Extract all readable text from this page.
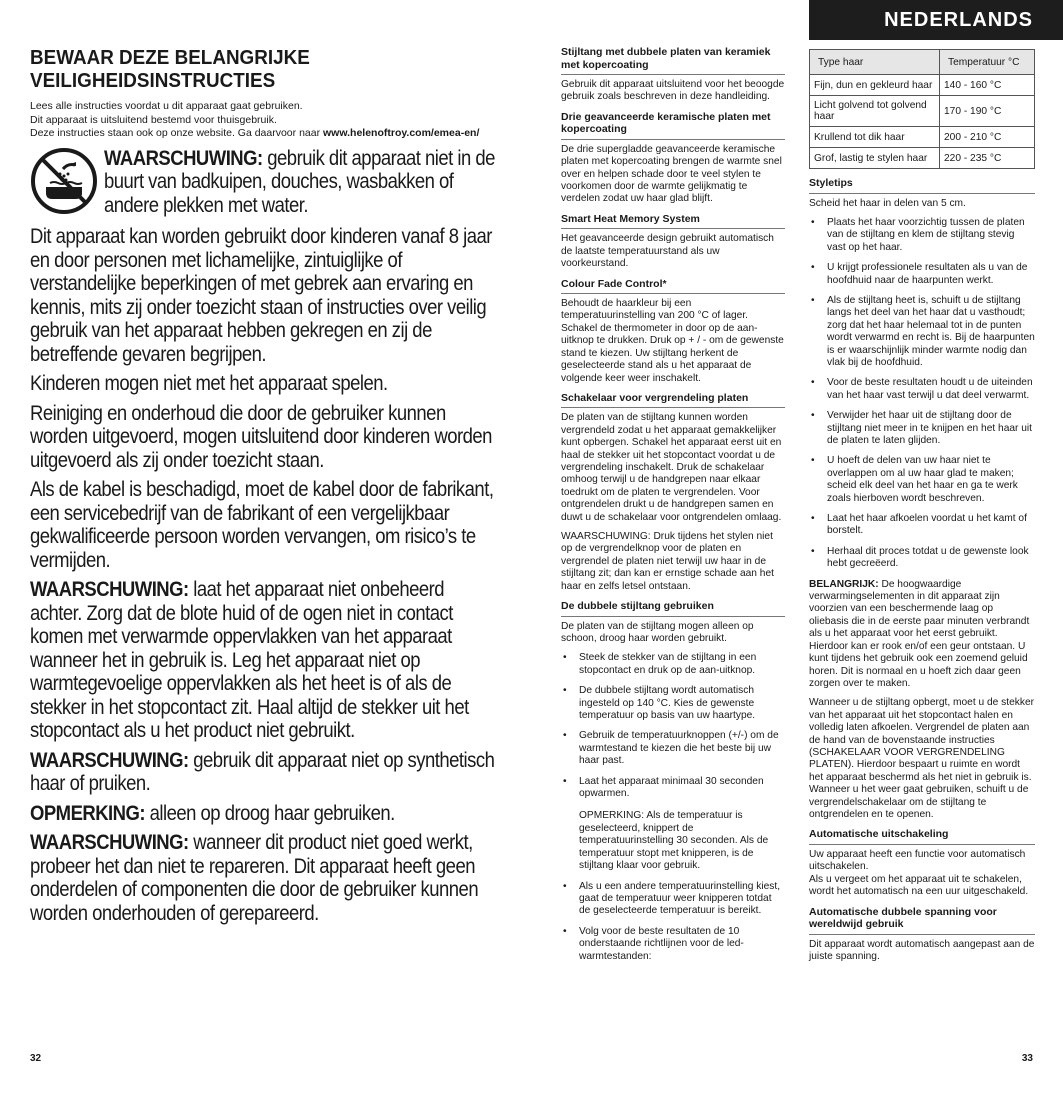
NEDERLANDS
BEWAAR DEZE BELANGRIJKE VEILIGHEIDSINSTRUCTIES

Lees alle instructies voordat u dit apparaat gaat gebruiken.

Dit apparaat is uitsluitend bestemd voor thuisgebruik.

Deze instructies staan ook op onze website. Ga daarvoor naar www.helenoftroy.com/emea-en/

WAARSCHUWING: gebruik dit apparaat niet in de buurt van badkuipen, douches, wasbakken of andere plekken met water.

Dit apparaat kan worden gebruikt door kinderen vanaf 8 jaar en door personen met lichamelijke, zintuiglijke of verstandelijke beperkingen of met gebrek aan ervaring en kennis, mits zij onder toezicht staan of instructies over veilig gebruik van het apparaat hebben gekregen en zij de betreffende gevaren begrijpen.

Kinderen mogen niet met het apparaat spelen.

Reiniging en onderhoud die door de gebruiker kunnen worden uitgevoerd, mogen uitsluitend door kinderen worden uitgevoerd als zij onder toezicht staan.

Als de kabel is beschadigd, moet de kabel door de fabrikant, een servicebedrijf van de fabrikant of een vergelijkbaar gekwalificeerde persoon worden vervangen, om risico’s te vermijden.

WAARSCHUWING: laat het apparaat niet onbeheerd achter. Zorg dat de blote huid of de ogen niet in contact komen met verwarmde oppervlakken van het apparaat wanneer het in gebruik is. Leg het apparaat niet op warmtegevoelige oppervlakken als het heet is of als de stekker in het stopcontact zit. Haal altijd de stekker uit het stopcontact als u het product niet gebruikt.

WAARSCHUWING: gebruik dit apparaat niet op synthetisch haar of pruiken.

OPMERKING: alleen op droog haar gebruiken.

WAARSCHUWING: wanneer dit product niet goed werkt, probeer het dan niet te repareren. Dit apparaat heeft geen onderdelen of componenten die door de gebruiker kunnen worden onderhouden of gerepareerd.

32
Stijltang met dubbele platen van keramiek met kopercoating

Gebruik dit apparaat uitsluitend voor het beoogde gebruik zoals beschreven in deze handleiding.

Drie geavanceerde keramische platen met kopercoating

De drie supergladde geavanceerde keramische platen met kopercoating brengen de warmte snel over en helpen schade door te veel stylen te voorkomen door de warmte gelijkmatig te verdelen zodat uw haar glad blijft.

Smart Heat Memory System

Het geavanceerde design gebruikt automatisch de laatste temperatuurstand als uw voorkeurstand.

Colour Fade Control*

Behoudt de haarkleur bij een temperatuurinstelling van 200 °C of lager. Schakel de thermometer in door op de aan-uitknop te drukken. Druk op + / - om de gewenste stand te kiezen. Uw stijltang herkent de geselecteerde stand als u het apparaat de volgende keer weer inschakelt.

Schakelaar voor vergrendeling platen

De platen van de stijltang kunnen worden vergrendeld zodat u het apparaat gemakkelijker kunt opbergen. Schakel het apparaat eerst uit en haal de stekker uit het stopcontact voordat u de vergrendeling inschakelt. Druk de schakelaar omhoog terwijl u de handgrepen naar elkaar toedrukt om de platen te vergrendelen. Voor ontgrendelen drukt u de handgrepen samen en duwt u de schakelaar voor ontgrendelen omlaag.

WAARSCHUWING: Druk tijdens het stylen niet op de vergrendelknop voor de platen en vergrendel de platen niet terwijl uw haar in de stijltang zit; dan kan er ernstige schade aan het haar en zelfs letsel ontstaan.

De dubbele stijltang gebruiken

De platen van de stijltang mogen alleen op schoon, droog haar worden gebruikt.

• Steek de stekker van de stijltang in een stopcontact en druk op de aan-uitknop.
• De dubbele stijltang wordt automatisch ingesteld op 140 °C. Kies de gewenste temperatuur op basis van uw haartype.
• Gebruik de temperatuurknoppen (+/-) om de warmtestand te kiezen die het beste bij uw haar past.
• Laat het apparaat minimaal 30 seconden opwarmen.
OPMERKING: Als de temperatuur is geselecteerd, knippert de temperatuurinstelling 30 seconden. Als de temperatuur stopt met knipperen, is de stijltang klaar voor gebruik.
• Als u een andere temperatuurinstelling kiest, gaat de temperatuur weer knipperen totdat de geselecteerde temperatuur is bereikt.
• Volg voor de beste resultaten de 10 onderstaande richtlijnen voor de led-warmtestanden:
Type haar	Temperatuur °C
Fijn, dun en gekleurd haar	140 - 160 °C
Licht golvend tot golvend haar	170 - 190 °C
Krullend tot dik haar	200 - 210 °C
Grof, lastig te stylen haar	220 - 235 °C
Styletips

Scheid het haar in delen van 5 cm.

• Plaats het haar voorzichtig tussen de platen van de stijltang en klem de stijltang stevig vast op het haar.
• U krijgt professionele resultaten als u van de hoofdhuid naar de haarpunten werkt.
• Als de stijltang heet is, schuift u de stijltang langs het deel van het haar dat u vasthoudt; zorg dat het haar helemaal tot in de punten wordt verwarmd en recht is. Bij de haarpunten is er waarschijnlijk minder warmte nodig dan vlak bij de hoofdhuid.
• Voor de beste resultaten houdt u de uiteinden van het haar vast terwijl u dat deel verwarmt.
• Verwijder het haar uit de stijltang door de stijltang niet meer in te knijpen en het haar uit de platen te laten glijden.
• U hoeft de delen van uw haar niet te overlappen om al uw haar glad te maken; scheid elk deel van het haar en ga te werk zoals hierboven wordt beschreven.
• Laat het haar afkoelen voordat u het kamt of borstelt.
• Herhaal dit proces totdat u de gewenste look hebt gecreëerd.

BELANGRIJK: De hoogwaardige verwarmingselementen in dit apparaat zijn voorzien van een beschermende laag op oliebasis die in de eerste paar minuten verbrandt als u het apparaat voor het eerst gebruikt. Hierdoor kan er rook en/of een geur ontstaan. U kunt tijdens het gebruik ook een zoemend geluid horen. Dit is normaal en u hoeft zich daar geen zorgen over te maken.

Wanneer u de stijltang opbergt, moet u de stekker van het apparaat uit het stopcontact halen en volledig laten afkoelen. Vergrendel de platen aan de hand van de bovenstaande instructies (SCHAKELAAR VOOR VERGRENDELING PLATEN). Hierdoor bespaart u ruimte en wordt het apparaat beschermd als het niet in gebruik is. Wanneer u het weer gaat gebruiken, schuift u de vergrendelschakelaar om de stijltang te ontgrendelen en te openen.

Automatische uitschakeling

Uw apparaat heeft een functie voor automatisch uitschakelen.

Als u vergeet om het apparaat uit te schakelen, wordt het automatisch na een uur uitgeschakeld.

Automatische dubbele spanning voor wereldwijd gebruik

Dit apparaat wordt automatisch aangepast aan de juiste spanning.

33
